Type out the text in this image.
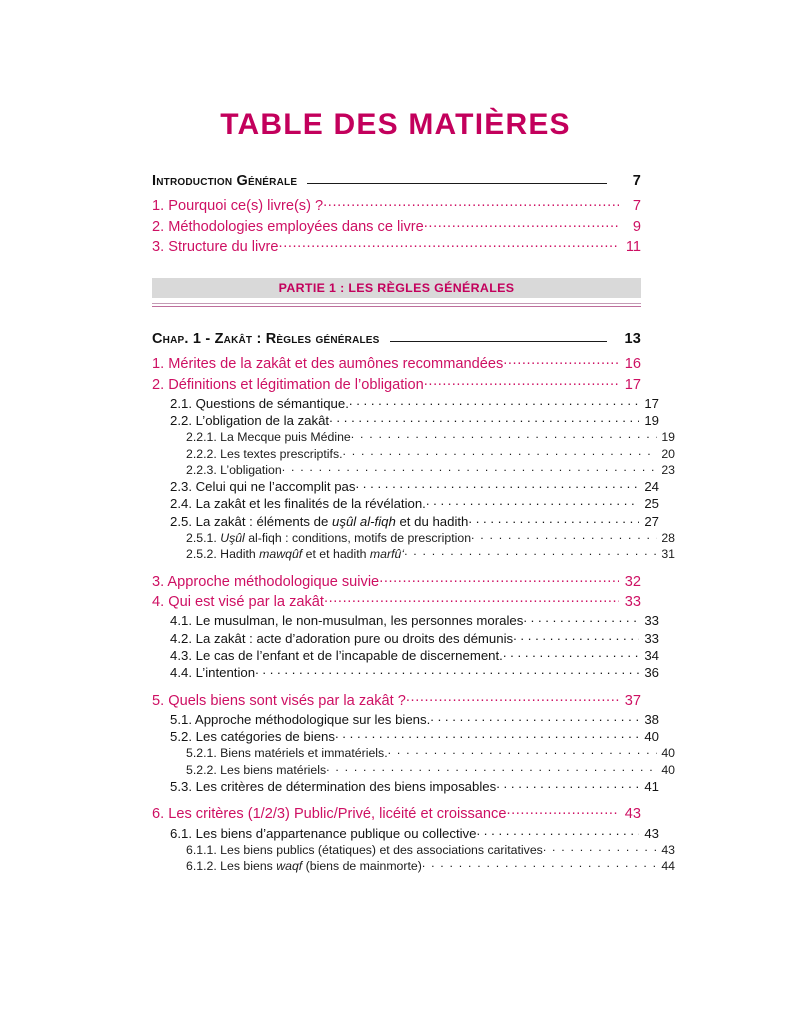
TABLE DES MATIÈRES
Introduction Générale	7
1. Pourquoi ce(s) livre(s) ? .....	7
2. Méthodologies employées dans ce livre .....	9
3. Structure du livre .....	11
PARTIE 1 : LES RÈGLES GÉNÉRALES
Chap. 1 - Zakât : Règles générales	13
1. Mérites de la zakât et des aumônes recommandées .....	16
2. Définitions et légitimation de l’obligation .....	17
2.1. Questions de sémantique. . . .	17
2.2. L’obligation de la zakât . . .	19
2.2.1. La Mecque puis Médine . . .	19
2.2.2. Les textes prescriptifs. . . .	20
2.2.3. L’obligation . . .	23
2.3. Celui qui ne l’accomplit pas . . .	24
2.4. La zakât et les finalités de la révélation. . . .	25
2.5. La zakât : éléments de uşûl al-fiqh et du hadith . . .	27
2.5.1. Uşûl al-fiqh : conditions, motifs de prescription . . .	28
2.5.2. Hadith mawqûf et et hadith marfû‘ . . .	31
3. Approche méthodologique suivie .....	32
4. Qui est visé par la zakât .....	33
4.1. Le musulman, le non-musulman, les personnes morales . . .	33
4.2. La zakât : acte d’adoration pure ou droits des démunis . . .	33
4.3. Le cas de l’enfant et de l’incapable de discernement. . . .	34
4.4. L’intention . . .	36
5. Quels biens sont visés par la zakât ? .....	37
5.1. Approche méthodologique sur les biens. . . .	38
5.2. Les catégories de biens . . .	40
5.2.1. Biens matériels et immatériels. . . .	40
5.2.2. Les biens matériels . . .	40
5.3. Les critères de détermination des biens imposables . . .	41
6. Les critères (1/2/3) Public/Privé, licéité et croissance .....	43
6.1. Les biens d’appartenance publique ou collective . . .	43
6.1.1. Les biens publics (étatiques) et des associations caritatives . . .	43
6.1.2. Les biens waqf (biens de mainmorte) . . .	44
